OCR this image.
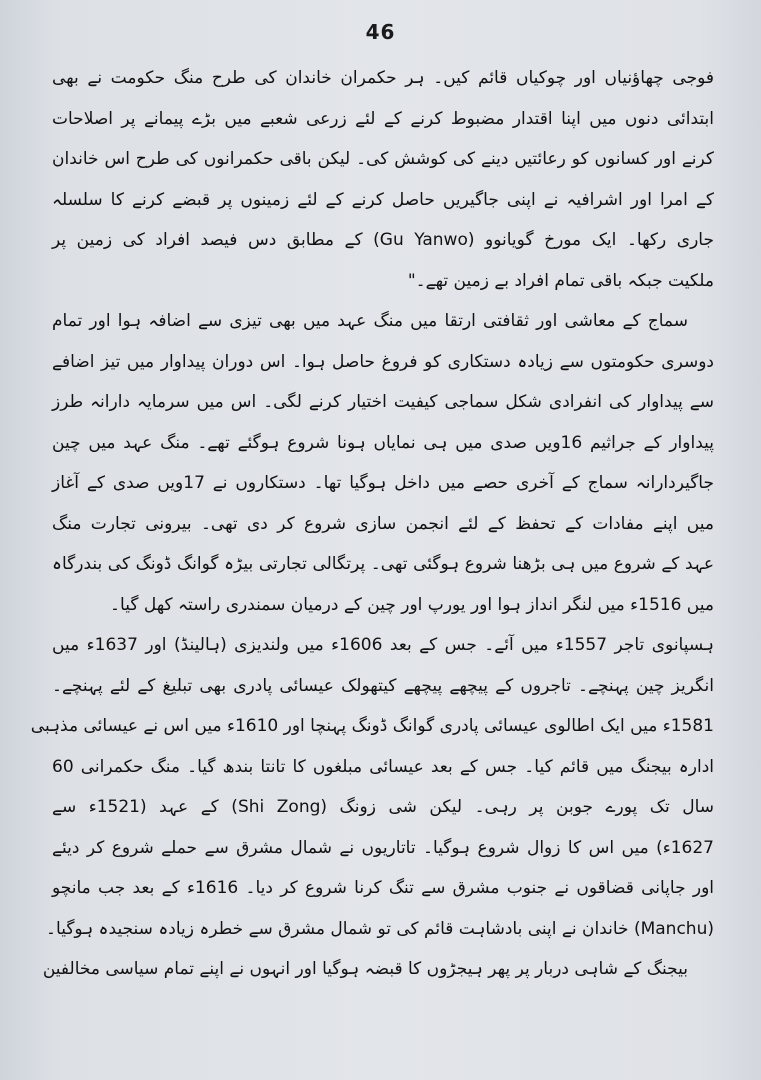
46
فوجی چھاؤنیاں اور چوکیاں قائم کیں۔ ہر حکمران خاندان کی طرح منگ حکومت نے بھی
ابتدائی دنوں میں اپنا اقتدار مضبوط کرنے کے لئے زرعی شعبے میں بڑے پیمانے پر اصلاحات
کرنے اور کسانوں کو رعائتیں دینے کی کوشش کی۔ لیکن باقی حکمرانوں کی طرح اس خاندان
کے امرا اور اشرافیہ نے اپنی جاگیریں حاصل کرنے کے لئے زمینوں پر قبضے کرنے کا سلسلہ
جاری رکھا۔ ایک مورخ گویانوو (Gu Yanwo) کے مطابق دس فیصد افراد کی زمین پر
ملکیت جبکہ باقی تمام افراد بے زمین تھے۔"
سماج کے معاشی اور ثقافتی ارتقا میں منگ عہد میں بھی تیزی سے اضافہ ہوا اور تمام
دوسری حکومتوں سے زیادہ دستکاری کو فروغ حاصل ہوا۔ اس دوران پیداوار میں تیز اضافے
سے پیداوار کی انفرادی شکل سماجی کیفیت اختیار کرنے لگی۔ اس میں سرمایہ دارانہ طرز
پیداوار کے جراثیم 16ویں صدی میں ہی نمایاں ہونا شروع ہوگئے تھے۔ منگ عہد میں چین
جاگیردارانہ سماج کے آخری حصے میں داخل ہوگیا تھا۔ دستکاروں نے 17ویں صدی کے آغاز
میں اپنے مفادات کے تحفظ کے لئے انجمن سازی شروع کر دی تھی۔ بیرونی تجارت منگ
عہد کے شروع میں ہی بڑھنا شروع ہوگئی تھی۔ پرتگالی تجارتی بیڑہ گوانگ ڈونگ کی بندرگاہ
میں 1516ء میں لنگر انداز ہوا اور یورپ اور چین کے درمیان سمندری راستہ کھل گیا۔
ہسپانوی تاجر 1557ء میں آئے۔ جس کے بعد 1606ء میں ولندیزی (ہالینڈ) اور 1637ء میں
انگریز چین پہنچے۔ تاجروں کے پیچھے پیچھے کیتھولک عیسائی پادری بھی تبلیغ کے لئے پہنچے۔
1581ء میں ایک اطالوی عیسائی پادری گوانگ ڈونگ پہنچا اور 1610ء میں اس نے عیسائی مذہبی
ادارہ بیجنگ میں قائم کیا۔ جس کے بعد عیسائی مبلغوں کا تانتا بندھ گیا۔ منگ حکمرانی 60
سال تک پورے جوبن پر رہی۔ لیکن شی زونگ (Shi Zong) کے عہد (1521ء سے
1627ء) میں اس کا زوال شروع ہوگیا۔ تاتاریوں نے شمال مشرق سے حملے شروع کر دیئے
اور جاپانی قضاقوں نے جنوب مشرق سے تنگ کرنا شروع کر دیا۔ 1616ء کے بعد جب مانچو
(Manchu) خاندان نے اپنی بادشاہت قائم کی تو شمال مشرق سے خطرہ زیادہ سنجیدہ ہوگیا۔
بیجنگ کے شاہی دربار پر پھر ہیجڑوں کا قبضہ ہوگیا اور انہوں نے اپنے تمام سیاسی مخالفین
